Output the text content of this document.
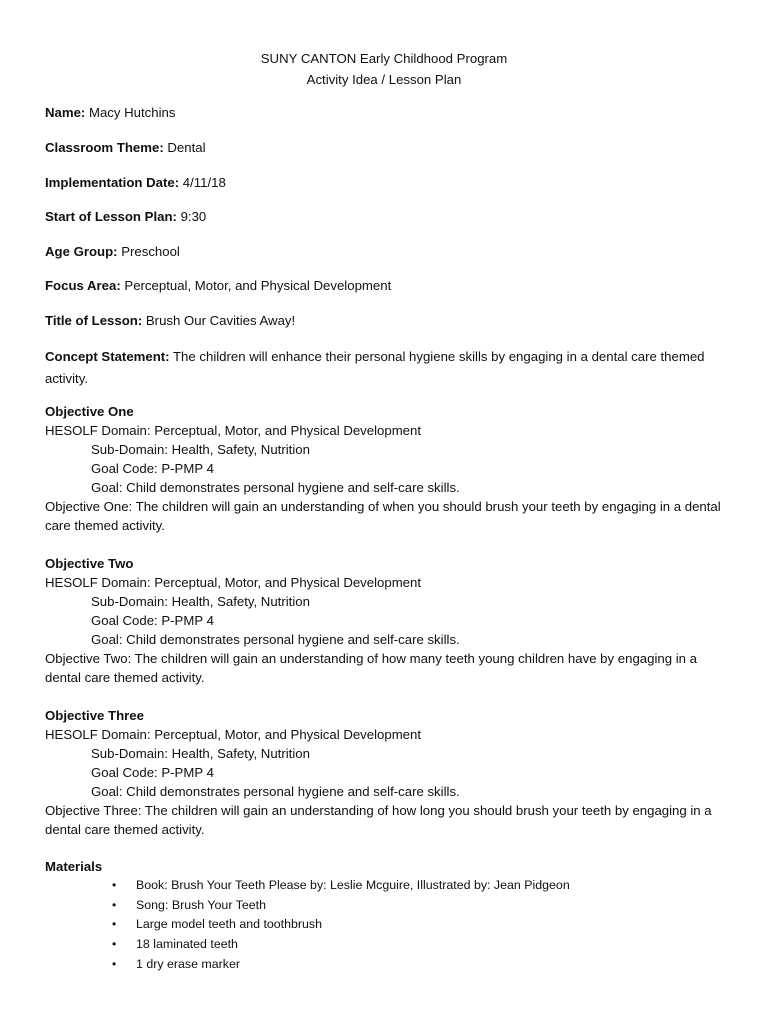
SUNY CANTON Early Childhood Program
Activity Idea / Lesson Plan
Name: Macy Hutchins
Classroom Theme: Dental
Implementation Date: 4/11/18
Start of Lesson Plan: 9:30
Age Group: Preschool
Focus Area: Perceptual, Motor, and Physical Development
Title of Lesson: Brush Our Cavities Away!
Concept Statement: The children will enhance their personal hygiene skills by engaging in a dental care themed activity.
Objective One
HESOLF Domain: Perceptual, Motor, and Physical Development
Sub-Domain: Health, Safety, Nutrition
Goal Code: P-PMP 4
Goal: Child demonstrates personal hygiene and self-care skills.
Objective One: The children will gain an understanding of when you should brush your teeth by engaging in a dental care themed activity.
Objective Two
HESOLF Domain: Perceptual, Motor, and Physical Development
Sub-Domain: Health, Safety, Nutrition
Goal Code: P-PMP 4
Goal: Child demonstrates personal hygiene and self-care skills.
Objective Two: The children will gain an understanding of how many teeth young children have by engaging in a dental care themed activity.
Objective Three
HESOLF Domain: Perceptual, Motor, and Physical Development
Sub-Domain: Health, Safety, Nutrition
Goal Code: P-PMP 4
Goal: Child demonstrates personal hygiene and self-care skills.
Objective Three: The children will gain an understanding of how long you should brush your teeth by engaging in a dental care themed activity.
Materials
• Book: Brush Your Teeth Please by: Leslie Mcguire, Illustrated by: Jean Pidgeon
• Song: Brush Your Teeth
• Large model teeth and toothbrush
• 18 laminated teeth
• 1 dry erase marker
